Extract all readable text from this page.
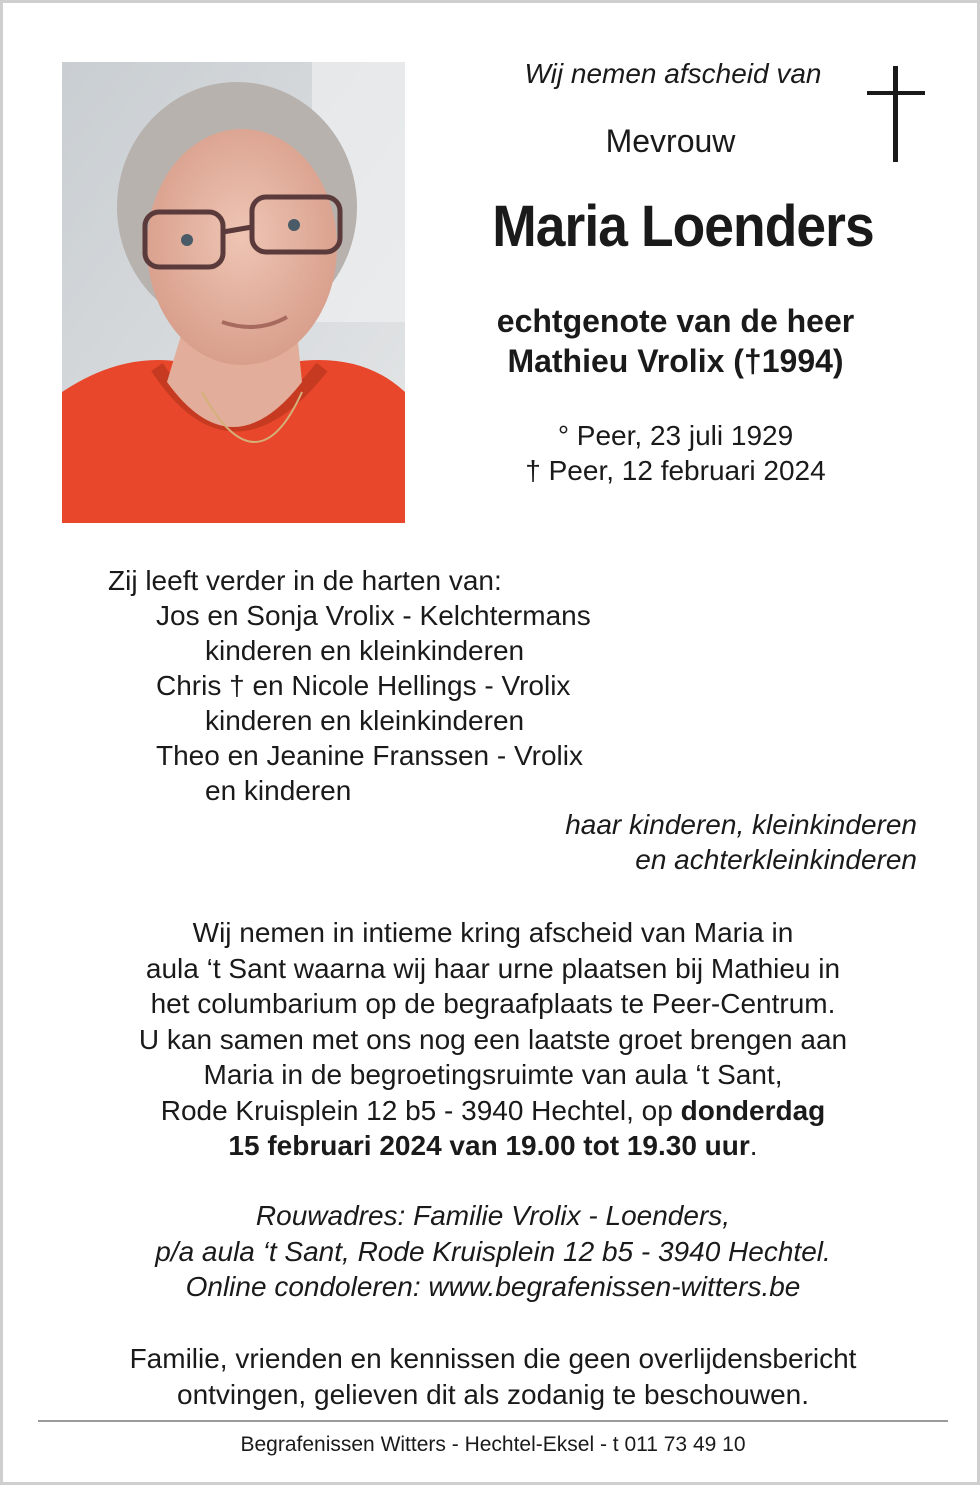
Wij nemen afscheid van
Mevrouw
Maria Loenders
echtgenote van de heer
Mathieu Vrolix (†1994)
° Peer, 23 juli 1929
† Peer, 12 februari 2024
Zij leeft verder in de harten van:
Jos en Sonja Vrolix - Kelchtermans
kinderen en kleinkinderen
Chris † en Nicole Hellings - Vrolix
kinderen en kleinkinderen
Theo en Jeanine Franssen - Vrolix
en kinderen
haar kinderen, kleinkinderen
en achterkleinkinderen
Wij nemen in intieme kring afscheid van Maria in
aula ‘t Sant waarna wij haar urne plaatsen bij Mathieu in
het columbarium op de begraafplaats te Peer-Centrum.
U kan samen met ons nog een laatste groet brengen aan
Maria in de begroetingsruimte van aula ‘t Sant,
Rode Kruisplein 12 b5 - 3940 Hechtel, op donderdag
15 februari 2024 van 19.00 tot 19.30 uur.
Rouwadres: Familie Vrolix - Loenders,
p/a aula ‘t Sant, Rode Kruisplein 12 b5 - 3940 Hechtel.
Online condoleren: www.begrafenissen-witters.be
Familie, vrienden en kennissen die geen overlijdensbericht
ontvingen, gelieven dit als zodanig te beschouwen.
Begrafenissen Witters - Hechtel-Eksel - t 011 73 49 10
